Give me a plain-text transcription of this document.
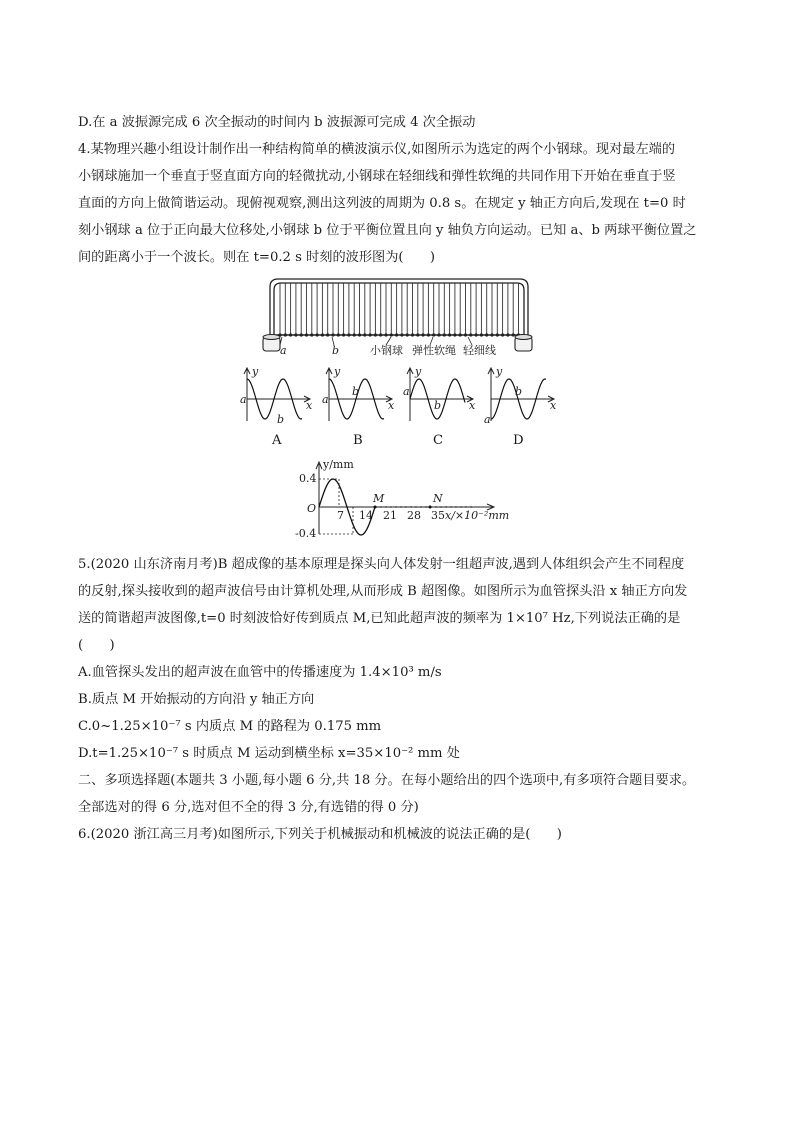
D.在 a 波振源完成 6 次全振动的时间内 b 波振源可完成 4 次全振动
4.某物理兴趣小组设计制作出一种结构简单的横波演示仪,如图所示为选定的两个小钢球。现对最左端的
小钢球施加一个垂直于竖直面方向的轻微扰动,小钢球在轻细线和弹性软绳的共同作用下开始在垂直于竖
直面的方向上做简谐运动。现俯视观察,测出这列波的周期为 0.8 s。在规定 y 轴正方向后,发现在 t=0 时
刻小钢球 a 位于正向最大位移处,小钢球 b 位于平衡位置且向 y 轴负方向运动。已知 a、b 两球平衡位置之
间的距离小于一个波长。则在 t=0.2 s 时刻的波形图为(　　)
a	b	小钢球 弹性软绳 轻细线
y
x
a
b
y
x
a
b
y
x
a
b
y
x
a
b
A	B	C	D
y/mm
0.4
-0.4
O
7 14 21 28 35 x/×10⁻²mm
M	N
5.(2020 山东济南月考)B 超成像的基本原理是探头向人体发射一组超声波,遇到人体组织会产生不同程度
的反射,探头接收到的超声波信号由计算机处理,从而形成 B 超图像。如图所示为血管探头沿 x 轴正方向发
送的简谐超声波图像,t=0 时刻波恰好传到质点 M,已知此超声波的频率为 1×10⁷ Hz,下列说法正确的是
(　　)
A.血管探头发出的超声波在血管中的传播速度为 1.4×10³ m/s
B.质点 M 开始振动的方向沿 y 轴正方向
C.0~1.25×10⁻⁷ s 内质点 M 的路程为 0.175 mm
D.t=1.25×10⁻⁷ s 时质点 M 运动到横坐标 x=35×10⁻² mm 处
二、多项选择题(本题共 3 小题,每小题 6 分,共 18 分。在每小题给出的四个选项中,有多项符合题目要求。
全部选对的得 6 分,选对但不全的得 3 分,有选错的得 0 分)
6.(2020 浙江高三月考)如图所示,下列关于机械振动和机械波的说法正确的是(　　)
